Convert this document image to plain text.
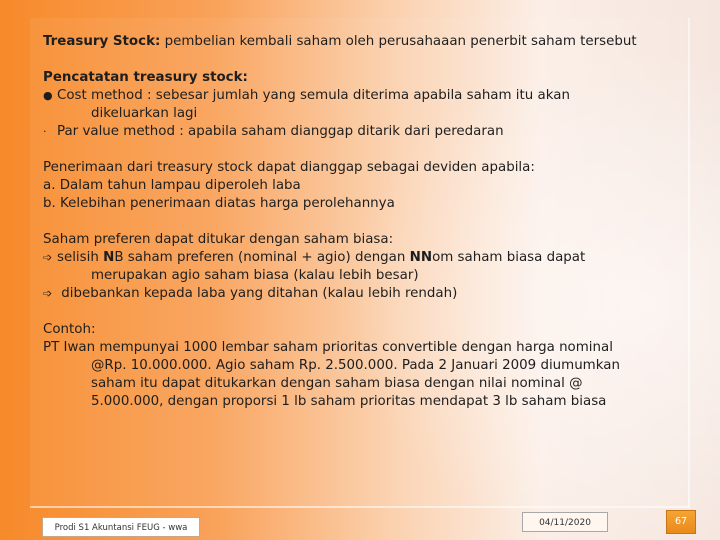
Treasury Stock: pembelian kembali saham oleh perusahaaan penerbit saham tersebut
Pencatatan treasury stock:
● Cost method : sebesar jumlah yang semula diterima apabila saham itu akan
dikeluarkan lagi
· Par value method : apabila saham dianggap ditarik dari peredaran
Penerimaan dari treasury stock dapat dianggap sebagai deviden apabila:
a. Dalam tahun lampau diperoleh laba
b. Kelebihan penerimaan diatas harga perolehannya
Saham preferen dapat ditukar dengan saham biasa:
➩ selisih NB saham preferen (nominal + agio) dengan NNom saham biasa dapat
merupakan agio saham biasa (kalau lebih besar)
➩ dibebankan kepada laba yang ditahan (kalau lebih rendah)
Contoh:
PT Iwan mempunyai 1000 lembar saham prioritas convertible dengan harga nominal
@Rp. 10.000.000. Agio saham Rp. 2.500.000. Pada 2 Januari 2009 diumumkan
saham itu dapat ditukarkan dengan saham biasa dengan nilai nominal @
5.000.000, dengan proporsi 1 lb saham prioritas mendapat 3 lb saham biasa
Prodi S1 Akuntansi FEUG - wwa	04/11/2020	67
